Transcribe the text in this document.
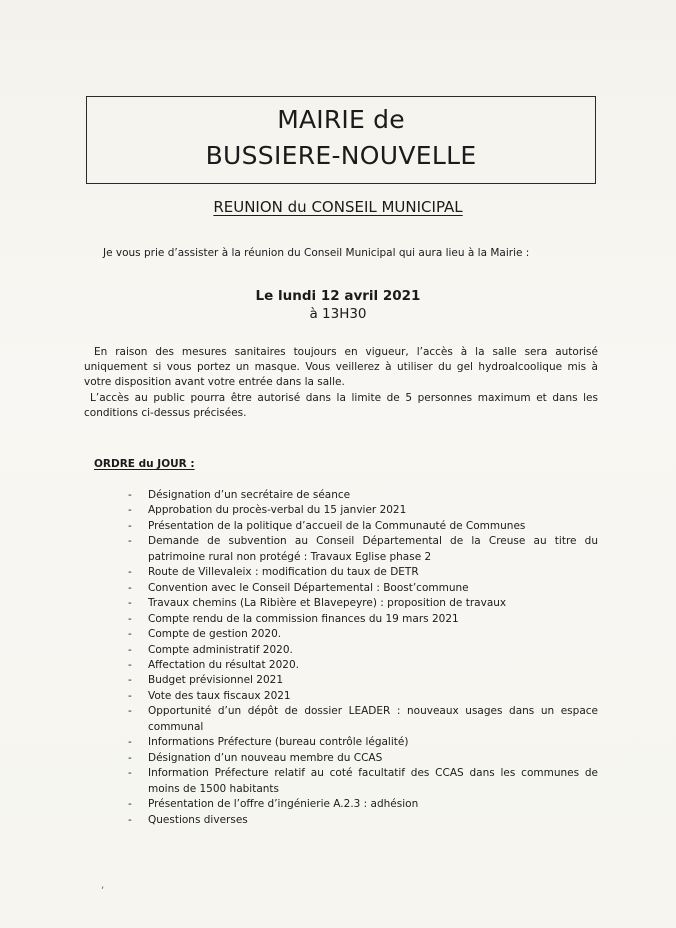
MAIRIE de
BUSSIERE-NOUVELLE
REUNION du CONSEIL MUNICIPAL
Je vous prie d’assister à la réunion du Conseil Municipal qui aura lieu à la Mairie :
Le lundi 12 avril 2021
à 13H30
En raison des mesures sanitaires toujours en vigueur, l’accès à la salle sera autorisé uniquement si vous portez un masque. Vous veillerez à utiliser du gel hydroalcoolique mis à votre disposition avant votre entrée dans la salle.
L’accès au public pourra être autorisé dans la limite de 5 personnes maximum et dans les conditions ci-dessus précisées.
ORDRE du JOUR :
- Désignation d’un secrétaire de séance
- Approbation du procès-verbal du 15 janvier 2021
- Présentation de la politique d’accueil de la Communauté de Communes
- Demande de subvention au Conseil Départemental de la Creuse au titre du patrimoine rural non protégé : Travaux Eglise phase 2
- Route de Villevaleix : modification du taux de DETR
- Convention avec le Conseil Départemental : Boost’commune
- Travaux chemins (La Ribière et Blavepeyre) : proposition de travaux
- Compte rendu de la commission finances du 19 mars 2021
- Compte de gestion 2020.
- Compte administratif 2020.
- Affectation du résultat 2020.
- Budget prévisionnel 2021
- Vote des taux fiscaux 2021
- Opportunité d’un dépôt de dossier LEADER : nouveaux usages dans un espace communal
- Informations Préfecture (bureau contrôle légalité)
- Désignation d’un nouveau membre du CCAS
- Information Préfecture relatif au coté facultatif des CCAS dans les communes de moins de 1500 habitants
- Présentation de l’offre d’ingénierie A.2.3 : adhésion
- Questions diverses
,
